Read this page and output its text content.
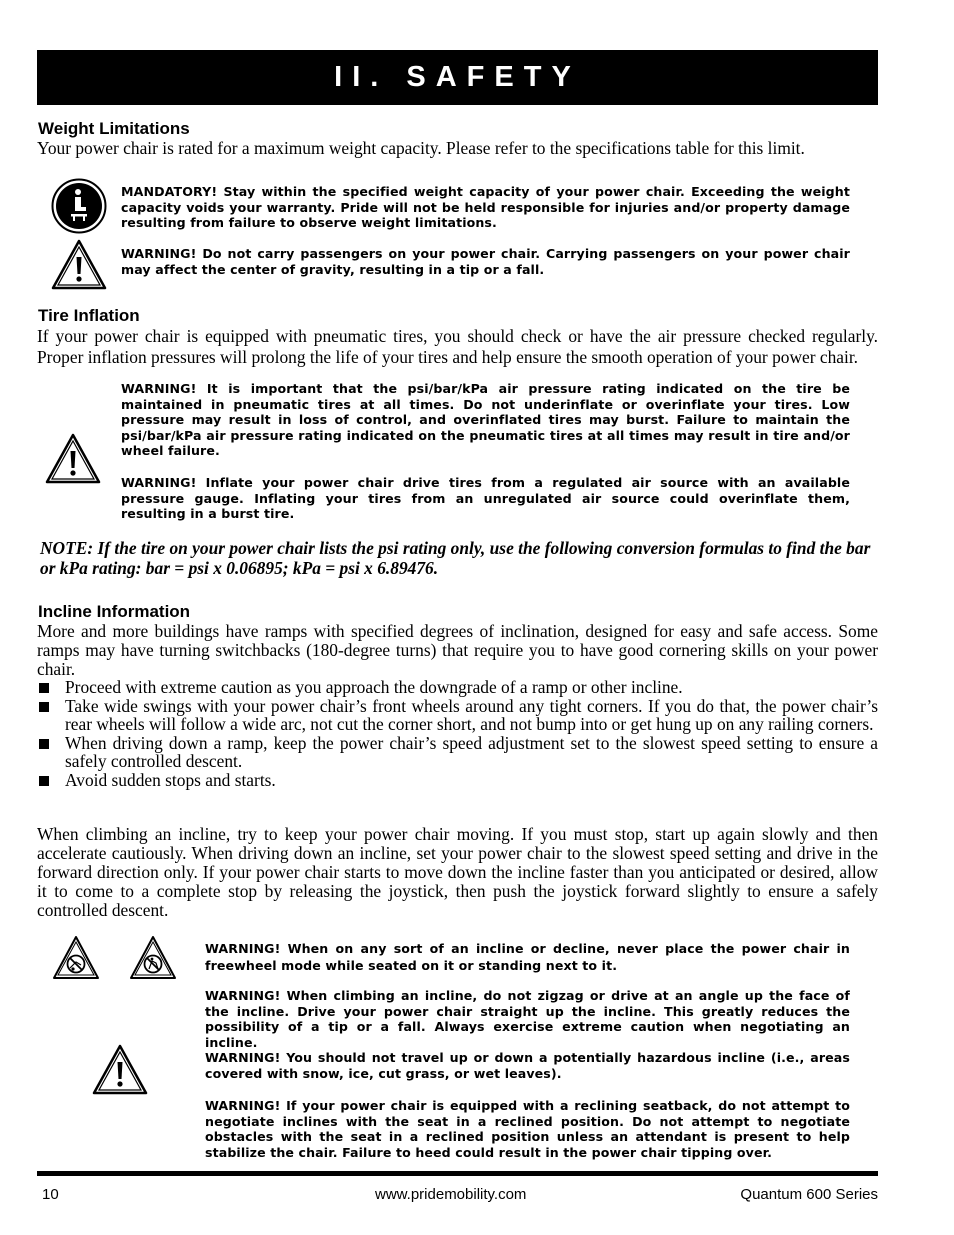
II. SAFETY
Weight Limitations
Your power chair is rated for a maximum weight capacity. Please refer to the specifications table for this limit.
MANDATORY! Stay within the specified weight capacity of your power chair. Exceeding the weight capacity voids your warranty. Pride will not be held responsible for injuries and/or property damage resulting from failure to observe weight limitations.
WARNING! Do not carry passengers on your power chair. Carrying passengers on your power chair may affect the center of gravity, resulting in a tip or a fall.
Tire Inflation
If your power chair is equipped with pneumatic tires, you should check or have the air pressure checked regularly. Proper inflation pressures will prolong the life of your tires and help ensure the smooth operation of your power chair.
WARNING! It is important that the psi/bar/kPa air pressure rating indicated on the tire be maintained in pneumatic tires at all times. Do not underinflate or overinflate your tires. Low pressure may result in loss of control, and overinflated tires may burst. Failure to maintain the psi/bar/kPa air pressure rating indicated on the pneumatic tires at all times may result in tire and/or wheel failure.
WARNING! Inflate your power chair drive tires from a regulated air source with an available pressure gauge. Inflating your tires from an unregulated air source could overinflate them, resulting in a burst tire.
NOTE: If the tire on your power chair lists the psi rating only, use the following conversion formulas to find the bar or kPa rating: bar = psi x 0.06895; kPa = psi x 6.89476.
Incline Information
More and more buildings have ramps with specified degrees of inclination, designed for easy and safe access. Some ramps may have turning switchbacks (180-degree turns) that require you to have good cornering skills on your power chair.
Proceed with extreme caution as you approach the downgrade of a ramp or other incline.
Take wide swings with your power chair’s front wheels around any tight corners. If you do that, the power chair’s rear wheels will follow a wide arc, not cut the corner short, and not bump into or get hung up on any railing corners.
When driving down a ramp, keep the power chair’s speed adjustment set to the slowest speed setting to ensure a safely controlled descent.
Avoid sudden stops and starts.
When climbing an incline, try to keep your power chair moving. If you must stop, start up again slowly and then accelerate cautiously. When driving down an incline, set your power chair to the slowest speed setting and drive in the forward direction only. If your power chair starts to move down the incline faster than you anticipated or desired, allow it to come to a complete stop by releasing the joystick, then push the joystick forward slightly to ensure a safely controlled descent.
WARNING! When on any sort of an incline or decline, never place the power chair in freewheel mode while seated on it or standing next to it.
WARNING! When climbing an incline, do not zigzag or drive at an angle up the face of the incline. Drive your power chair straight up the incline. This greatly reduces the possibility of a tip or a fall. Always exercise extreme caution when negotiating an incline.
WARNING! You should not travel up or down a potentially hazardous incline (i.e., areas covered with snow, ice, cut grass, or wet leaves).
WARNING! If your power chair is equipped with a reclining seatback, do not attempt to negotiate inclines with the seat in a reclined position. Do not attempt to negotiate obstacles with the seat in a reclined position unless an attendant is present to help stabilize the chair. Failure to heed could result in the power chair tipping over.
10	www.pridemobility.com	Quantum 600 Series
